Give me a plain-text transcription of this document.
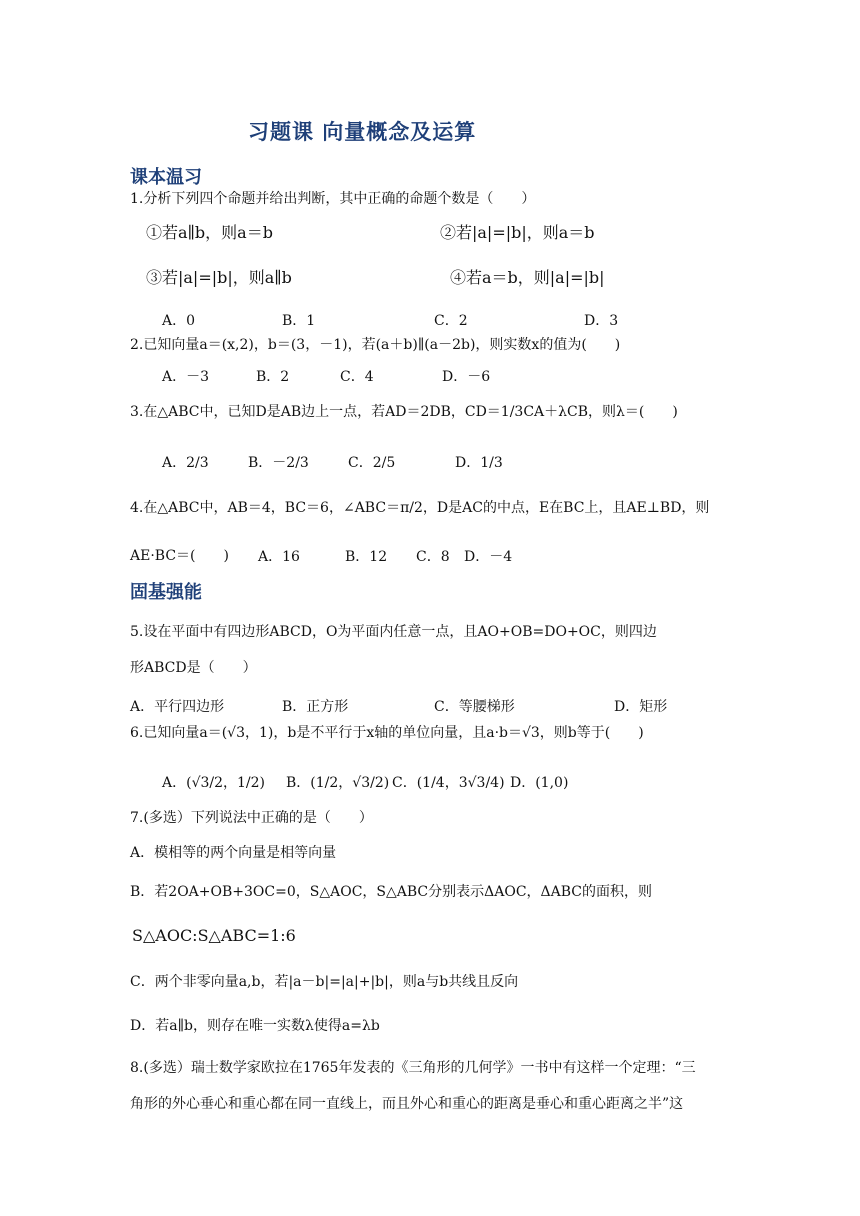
习题课 向量概念及运算
课本温习
1.分析下列四个命题并给出判断，其中正确的命题个数是（　　）
①若a∥b，则a＝b	②若|a|=|b|，则a＝b
③若|a|=|b|，则a∥b	④若a＝b，则|a|=|b|
A．0	B．1	C．2	D．3
2.已知向量a＝(x,2)，b＝(3，－1)，若(a＋b)∥(a－2b)，则实数x的值为(　　)
A．－3	B．2	C．4	D．－6
3.在△ABC中，已知D是AB边上一点，若AD＝2DB，CD＝1/3CA＋λCB，则λ＝(　　)
A．2/3	B．－2/3	C．2/5	D．1/3
4.在△ABC中，AB＝4，BC＝6，∠ABC＝π/2，D是AC的中点，E在BC上，且AE⊥BD，则
AE·BC＝(　　) A．16	B．12 C．8 D．－4
固基强能
5.设在平面中有四边形ABCD，O为平面内任意一点，且AO+OB=DO+OC，则四边
形ABCD是（　　）
A．平行四边形	B．正方形	C．等腰梯形	D．矩形
6.已知向量a＝(√3，1)，b是不平行于x轴的单位向量，且a·b＝√3，则b等于(　　)
A．(√3/2，1/2) B．(1/2，√3/2) C．(1/4，3√3/4) D．(1,0)
7.(多选）下列说法中正确的是（　　）
A．模相等的两个向量是相等向量
B．若2OA+OB+3OC=0，S△AOC，S△ABC分别表示ΔAOC，ΔABC的面积，则
S△AOC:S△ABC=1:6
C．两个非零向量a,b，若|a－b|=|a|+|b|，则a与b共线且反向
D．若a∥b，则存在唯一实数λ使得a=λb
8.(多选）瑞士数学家欧拉在1765年发表的《三角形的几何学》一书中有这样一个定理：“三
角形的外心垂心和重心都在同一直线上，而且外心和重心的距离是垂心和重心距离之半”这
